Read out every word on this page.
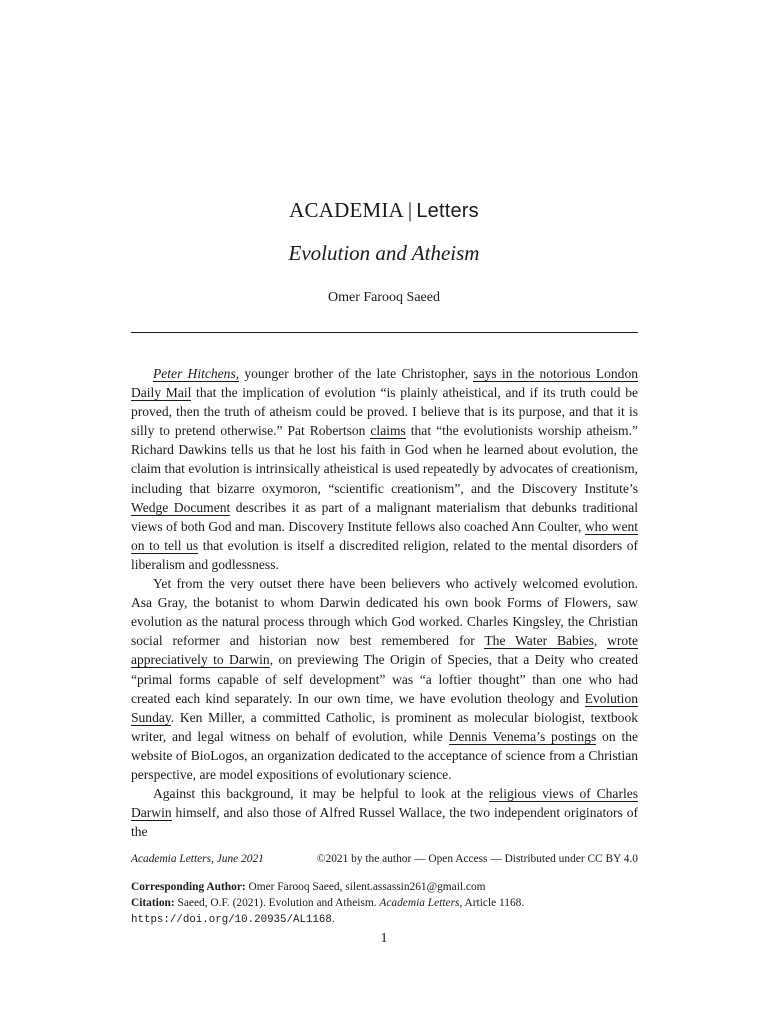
ACADEMIA | Letters
Evolution and Atheism
Omer Farooq Saeed

Peter Hitchens, younger brother of the late Christopher, says in the notorious London Daily Mail that the implication of evolution “is plainly atheistical, and if its truth could be proved, then the truth of atheism could be proved. I believe that is its purpose, and that it is silly to pretend otherwise.” Pat Robertson claims that “the evolutionists worship atheism.” Richard Dawkins tells us that he lost his faith in God when he learned about evolution, the claim that evolution is intrinsically atheistical is used repeatedly by advocates of creationism, including that bizarre oxymoron, “scientific creationism”, and the Discovery Institute’s Wedge Document describes it as part of a malignant materialism that debunks traditional views of both God and man. Discovery Institute fellows also coached Ann Coulter, who went on to tell us that evolution is itself a discredited religion, related to the mental disorders of liberalism and godlessness.

Yet from the very outset there have been believers who actively welcomed evolution. Asa Gray, the botanist to whom Darwin dedicated his own book Forms of Flowers, saw evolution as the natural process through which God worked. Charles Kingsley, the Christian social reformer and historian now best remembered for The Water Babies, wrote appreciatively to Darwin, on previewing The Origin of Species, that a Deity who created “primal forms capable of self development” was “a loftier thought” than one who had created each kind separately. In our own time, we have evolution theology and Evolution Sunday. Ken Miller, a committed Catholic, is prominent as molecular biologist, textbook writer, and legal witness on behalf of evolution, while Dennis Venema’s postings on the website of BioLogos, an organization dedicated to the acceptance of science from a Christian perspective, are model expositions of evolutionary science.

Against this background, it may be helpful to look at the religious views of Charles Darwin himself, and also those of Alfred Russel Wallace, the two independent originators of the

Academia Letters, June 2021	©2021 by the author — Open Access — Distributed under CC BY 4.0
Corresponding Author: Omer Farooq Saeed, silent.assassin261@gmail.com
Citation: Saeed, O.F. (2021). Evolution and Atheism. Academia Letters, Article 1168.
https://doi.org/10.20935/AL1168.
1
